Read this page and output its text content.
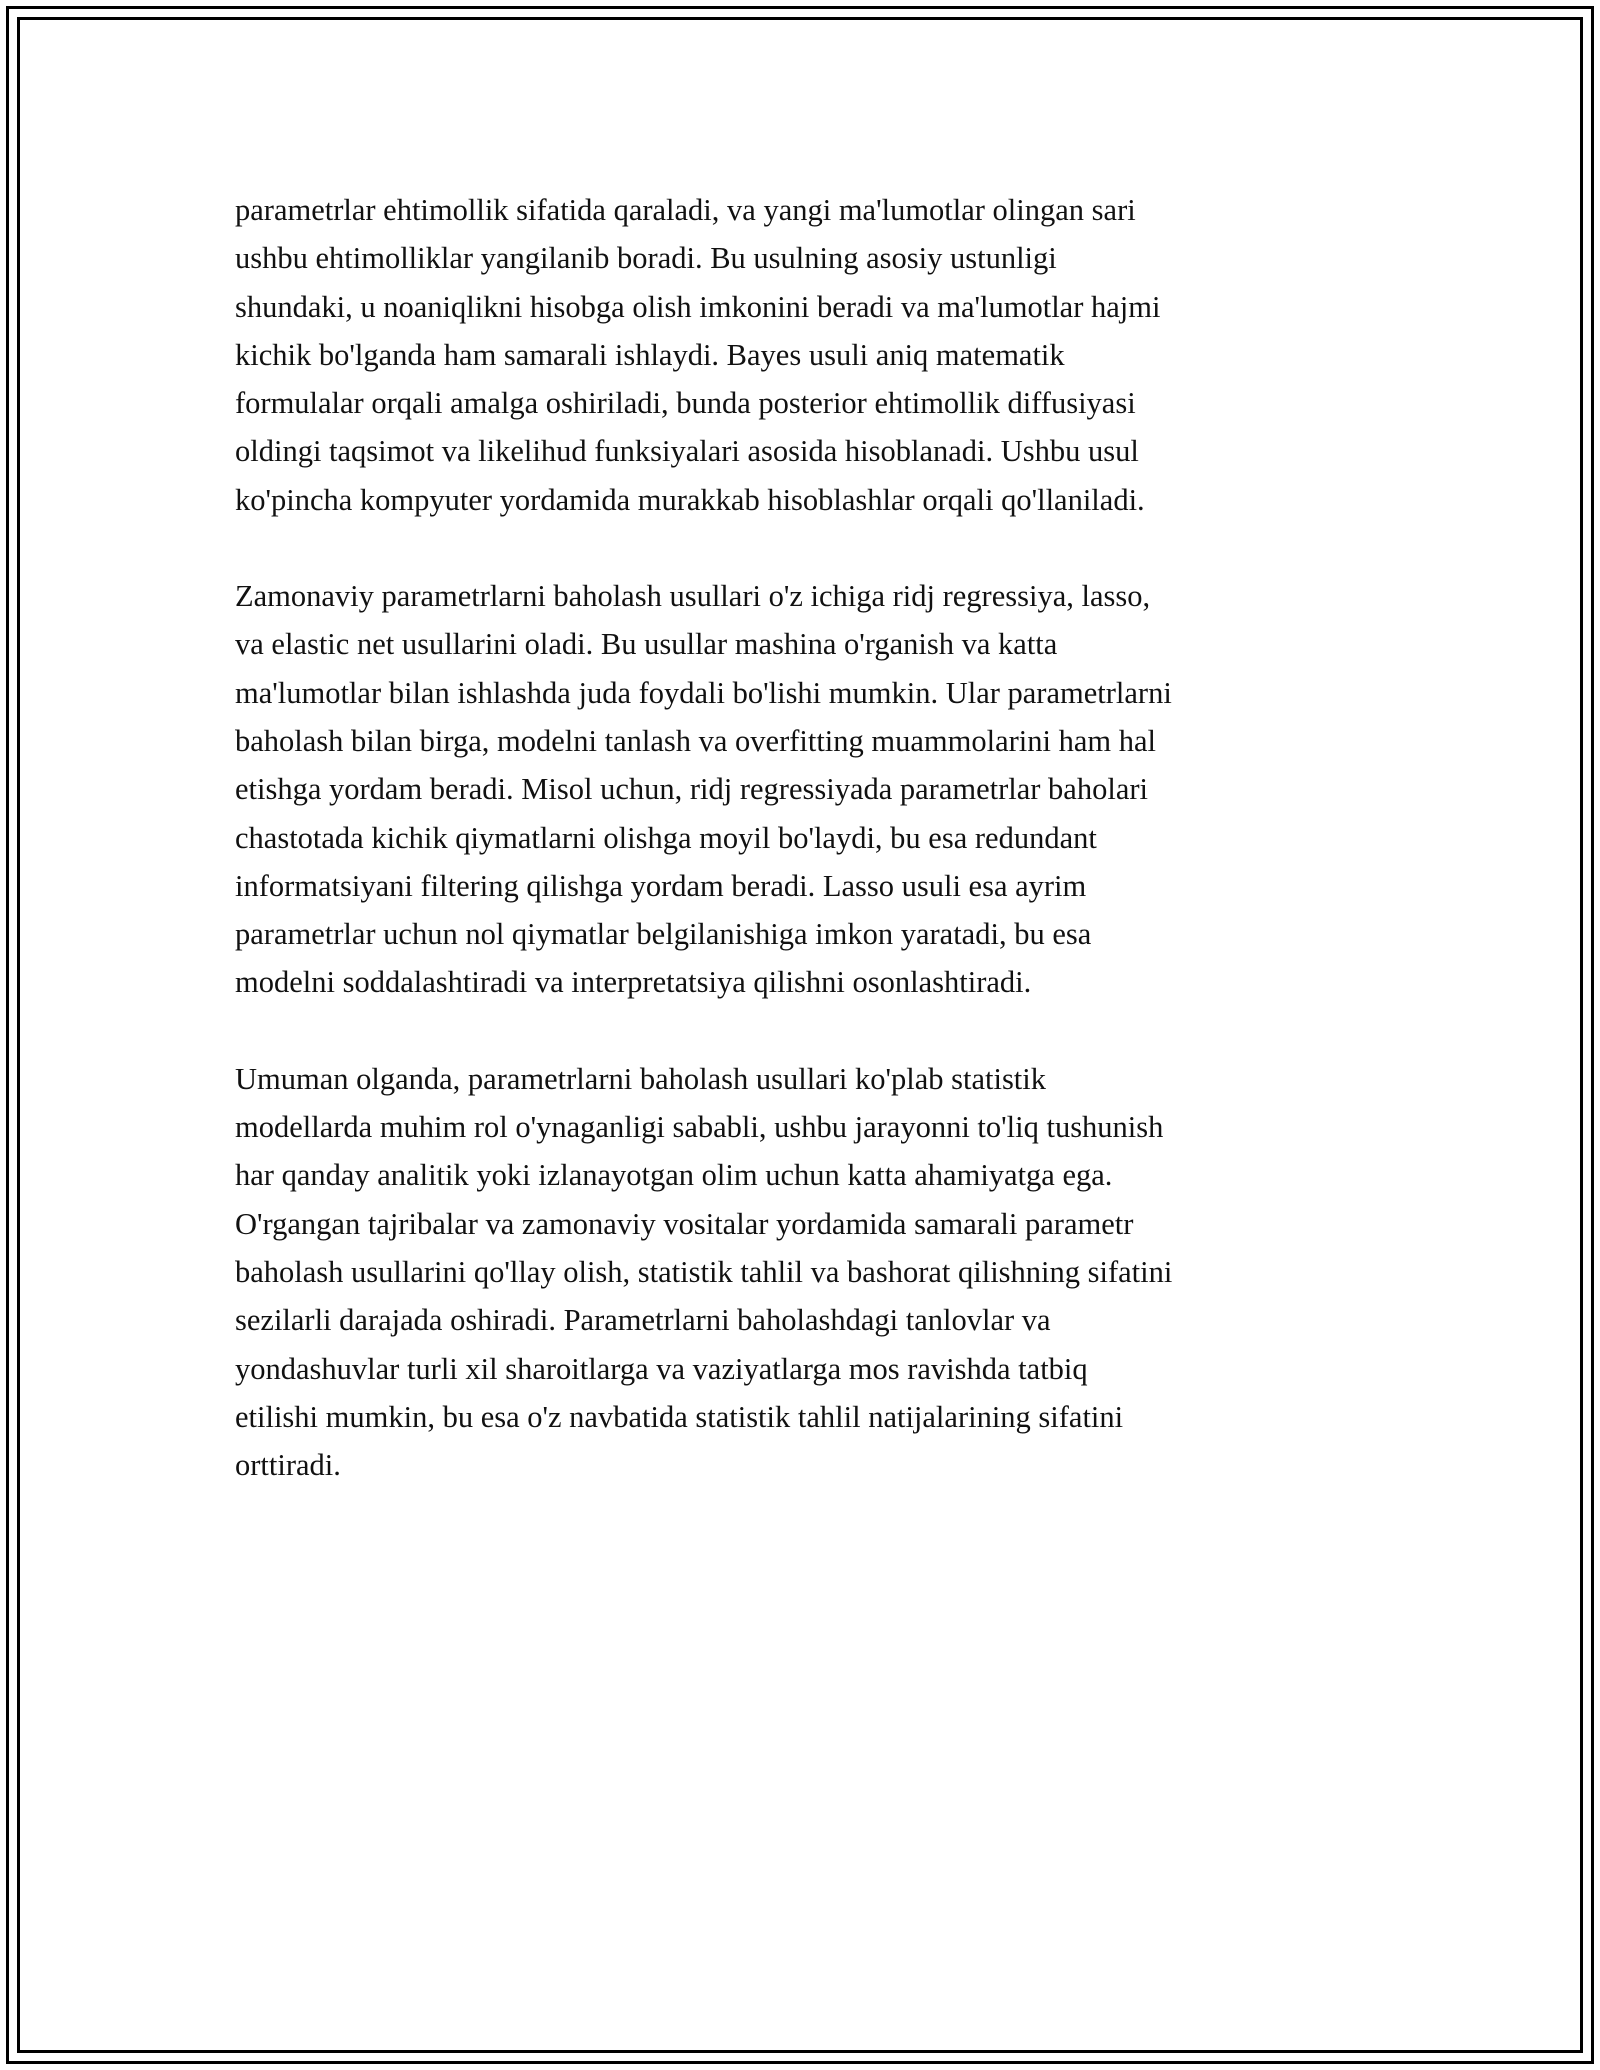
parametrlar ehtimollik sifatida qaraladi, va yangi ma'lumotlar olingan sari
ushbu ehtimolliklar yangilanib boradi. Bu usulning asosiy ustunligi
shundaki, u noaniqlikni hisobga olish imkonini beradi va ma'lumotlar hajmi
kichik bo'lganda ham samarali ishlaydi. Bayes usuli aniq matematik
formulalar orqali amalga oshiriladi, bunda posterior ehtimollik diffusiyasi
oldingi taqsimot va likelihud funksiyalari asosida hisoblanadi. Ushbu usul
ko'pincha kompyuter yordamida murakkab hisoblashlar orqali qo'llaniladi.

Zamonaviy parametrlarni baholash usullari o'z ichiga ridj regressiya, lasso,
va elastic net usullarini oladi. Bu usullar mashina o'rganish va katta
ma'lumotlar bilan ishlashda juda foydali bo'lishi mumkin. Ular parametrlarni
baholash bilan birga, modelni tanlash va overfitting muammolarini ham hal
etishga yordam beradi. Misol uchun, ridj regressiyada parametrlar baholari
chastotada kichik qiymatlarni olishga moyil bo'laydi, bu esa redundant
informatsiyani filtering qilishga yordam beradi. Lasso usuli esa ayrim
parametrlar uchun nol qiymatlar belgilanishiga imkon yaratadi, bu esa
modelni soddalashtiradi va interpretatsiya qilishni osonlashtiradi.

Umuman olganda, parametrlarni baholash usullari ko'plab statistik
modellarda muhim rol o'ynaganligi sababli, ushbu jarayonni to'liq tushunish
har qanday analitik yoki izlanayotgan olim uchun katta ahamiyatga ega.
O'rgangan tajribalar va zamonaviy vositalar yordamida samarali parametr
baholash usullarini qo'llay olish, statistik tahlil va bashorat qilishning sifatini
sezilarli darajada oshiradi. Parametrlarni baholashdagi tanlovlar va
yondashuvlar turli xil sharoitlarga va vaziyatlarga mos ravishda tatbiq
etilishi mumkin, bu esa o'z navbatida statistik tahlil natijalarining sifatini
orttiradi.
